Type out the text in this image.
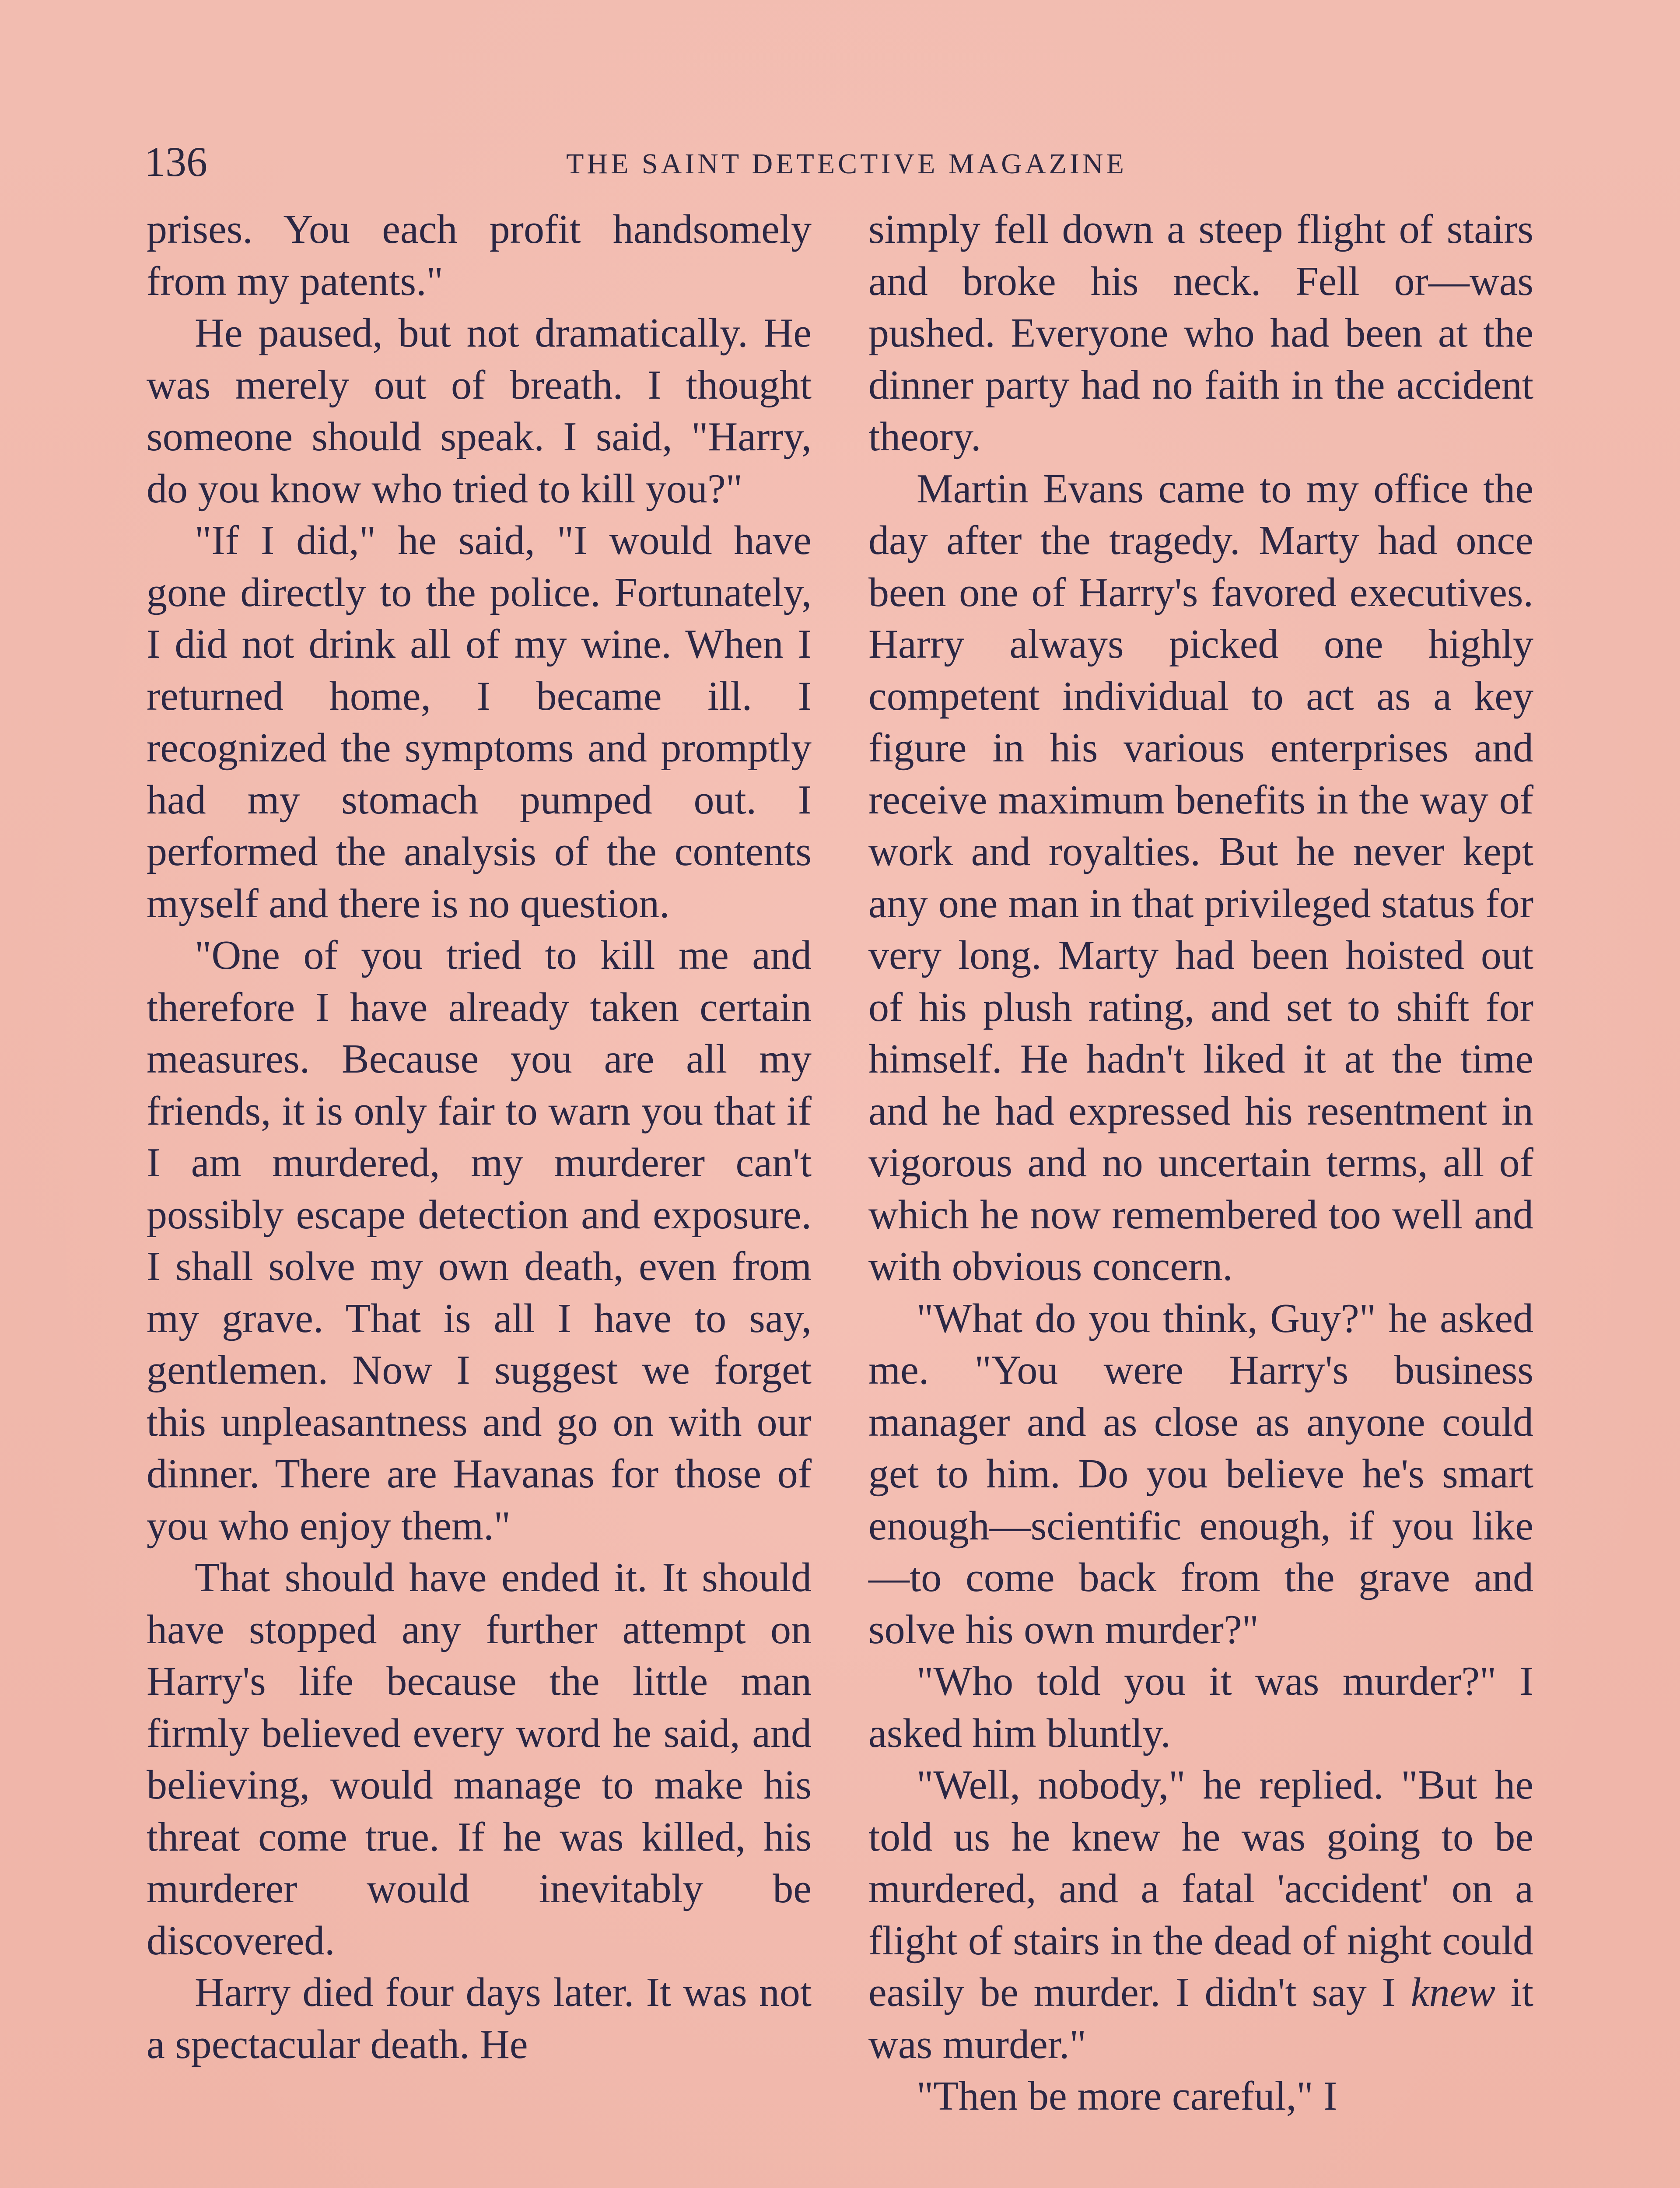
136	THE SAINT DETECTIVE MAGAZINE

prises. You each profit handsomely from my patents."

He paused, but not dramatically. He was merely out of breath. I thought someone should speak. I said, "Harry, do you know who tried to kill you?"

"If I did," he said, "I would have gone directly to the police. Fortunately, I did not drink all of my wine. When I returned home, I became ill. I recognized the symptoms and promptly had my stomach pumped out. I performed the analysis of the contents myself and there is no question.

"One of you tried to kill me and therefore I have already taken certain measures. Because you are all my friends, it is only fair to warn you that if I am murdered, my murderer can't possibly escape detection and exposure. I shall solve my own death, even from my grave. That is all I have to say, gentlemen. Now I suggest we forget this unpleasantness and go on with our dinner. There are Havanas for those of you who enjoy them."

That should have ended it. It should have stopped any further attempt on Harry's life because the little man firmly believed every word he said, and believing, would manage to make his threat come true. If he was killed, his murderer would inevitably be discovered.

Harry died four days later. It was not a spectacular death. He

simply fell down a steep flight of stairs and broke his neck. Fell or—was pushed. Everyone who had been at the dinner party had no faith in the accident theory.

Martin Evans came to my office the day after the tragedy. Marty had once been one of Harry's favored executives. Harry always picked one highly competent individual to act as a key figure in his various enterprises and receive maximum benefits in the way of work and royalties. But he never kept any one man in that privileged status for very long. Marty had been hoisted out of his plush rating, and set to shift for himself. He hadn't liked it at the time and he had expressed his resentment in vigorous and no uncertain terms, all of which he now remembered too well and with obvious concern.

"What do you think, Guy?" he asked me. "You were Harry's business manager and as close as anyone could get to him. Do you believe he's smart enough—scientific enough, if you like—to come back from the grave and solve his own murder?"

"Who told you it was murder?" I asked him bluntly.

"Well, nobody," he replied. "But he told us he knew he was going to be murdered, and a fatal 'accident' on a flight of stairs in the dead of night could easily be murder. I didn't say I knew it was murder."

"Then be more careful," I
